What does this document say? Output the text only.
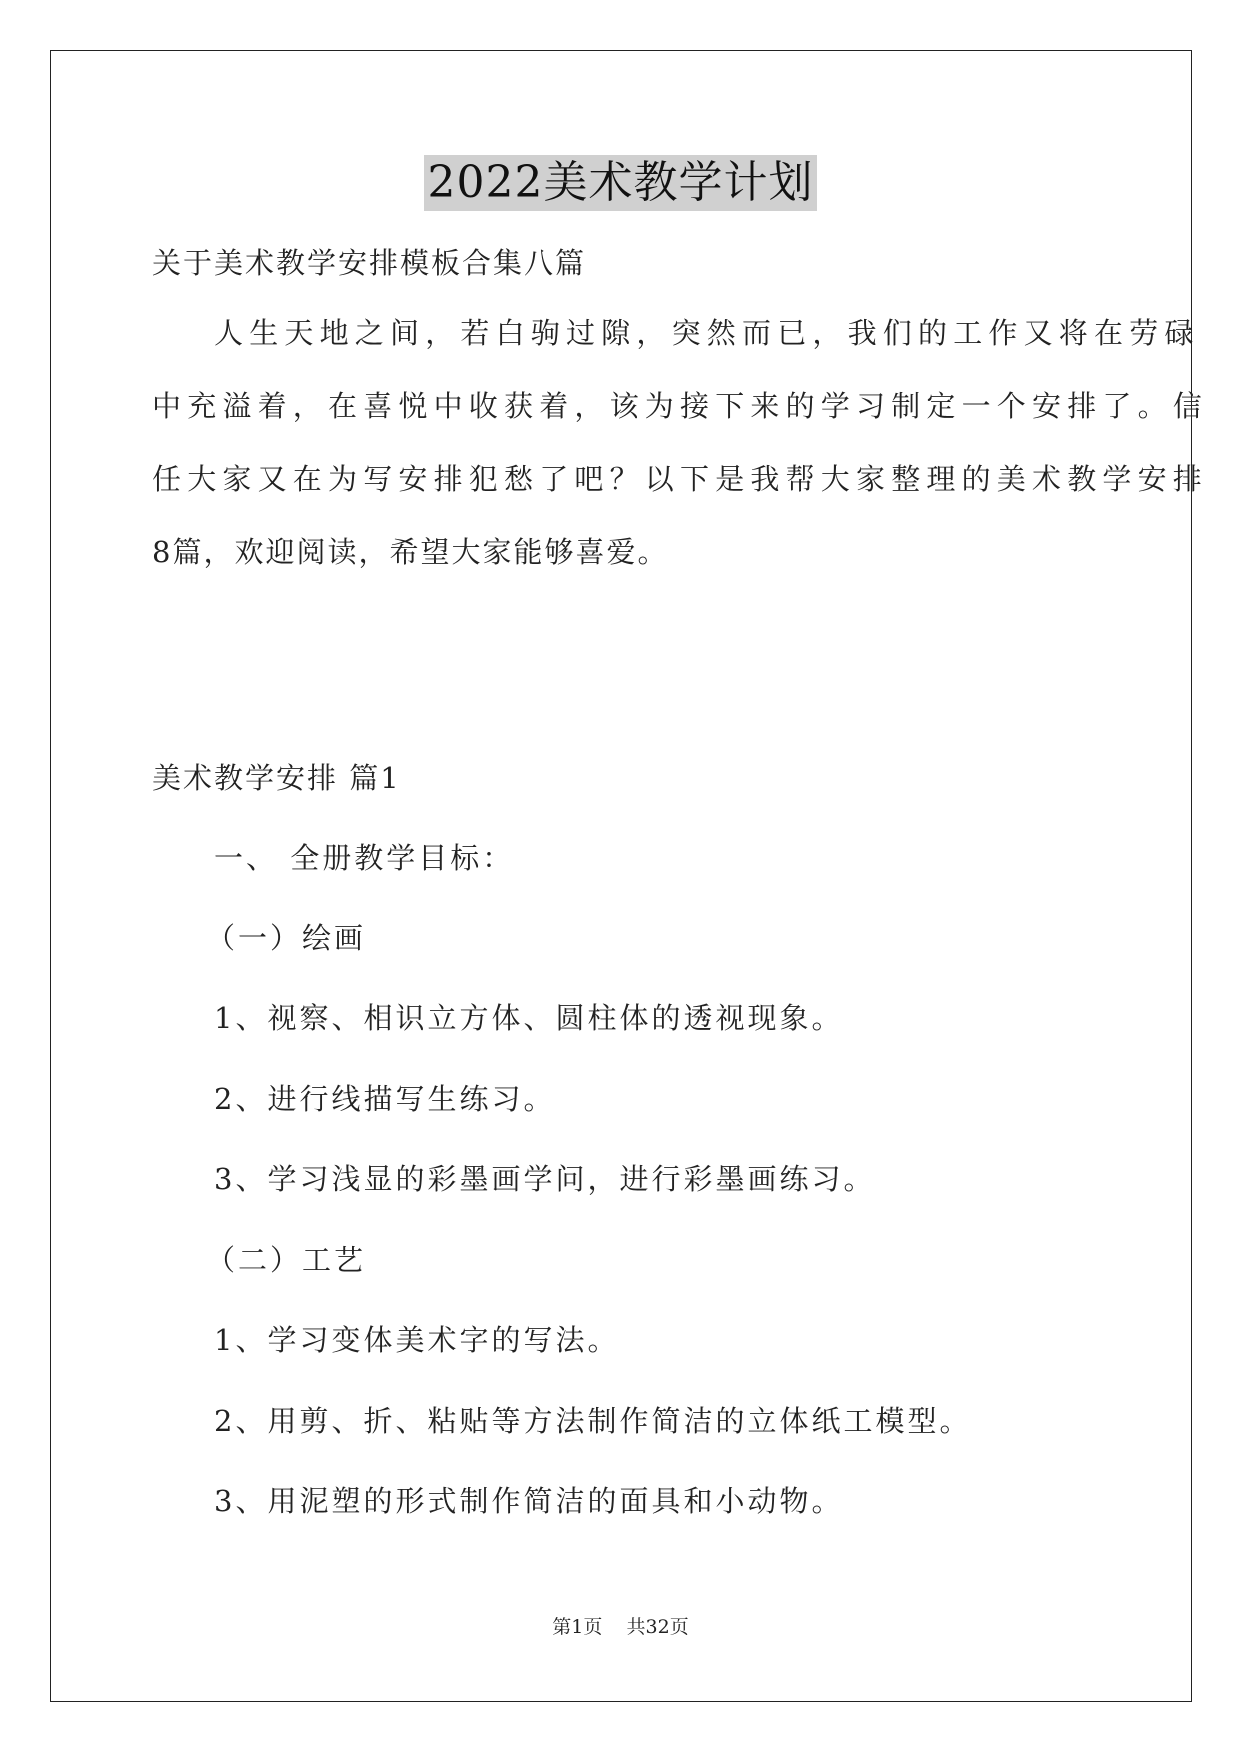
2022美术教学计划
关于美术教学安排模板合集八篇
人生天地之间，若白驹过隙，突然而已，我们的工作又将在劳碌
中充溢着，在喜悦中收获着，该为接下来的学习制定一个安排了。信
任大家又在为写安排犯愁了吧？以下是我帮大家整理的美术教学安排
8篇，欢迎阅读，希望大家能够喜爱。
美术教学安排 篇1
一、 全册教学目标：
（一）绘画
1、视察、相识立方体、圆柱体的透视现象。
2、进行线描写生练习。
3、学习浅显的彩墨画学问，进行彩墨画练习。
（二）工艺
1、学习变体美术字的写法。
2、用剪、折、粘贴等方法制作简洁的立体纸工模型。
3、用泥塑的形式制作简洁的面具和小动物。
第1页 共32页
